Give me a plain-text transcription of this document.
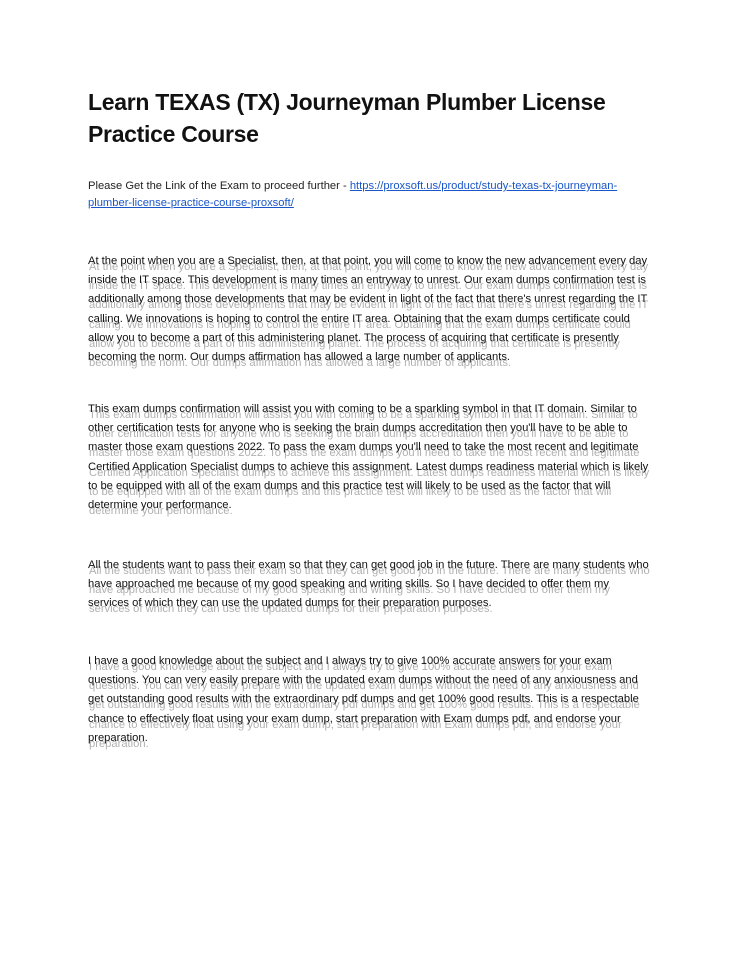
Learn TEXAS (TX) Journeyman Plumber License Practice Course
Please Get the Link of the Exam to proceed further - https://proxsoft.us/product/study-texas-tx-journeyman-plumber-license-practice-course-proxsoft/

At the point when you are a Specialist, then, at that point, you will come to know the new advancement every day inside the IT space. This development is many times an entryway to unrest. Our exam dumps confirmation test is additionally among those developments that may be evident in light of the fact that there's unrest regarding the IT calling. We innovations is hoping to control the entire IT area. Obtaining that the exam dumps certificate could allow you to become a part of this administering planet. The process of acquiring that certificate is presently becoming the norm. Our dumps affirmation has allowed a large number of applicants.

This exam dumps confirmation will assist you with coming to be a sparkling symbol in that IT domain. Similar to other certification tests for anyone who is seeking the brain dumps accreditation then you'll have to be able to master those exam questions 2022. To pass the exam dumps you'll need to take the most recent and legitimate Certified Application Specialist dumps to achieve this assignment. Latest dumps readiness material which is likely to be equipped with all of the exam dumps and this practice test will likely to be used as the factor that will determine your performance.

All the students want to pass their exam so that they can get good job in the future. There are many students who have approached me because of my good speaking and writing skills. So I have decided to offer them my services of which they can use the updated dumps for their preparation purposes.

I have a good knowledge about the subject and I always try to give 100% accurate answers for your exam questions. You can very easily prepare with the updated exam dumps without the need of any anxiousness and get outstanding good results with the extraordinary pdf dumps and get 100% good results. This is a respectable chance to effectively float using your exam dump, start preparation with Exam dumps pdf, and endorse your preparation.
